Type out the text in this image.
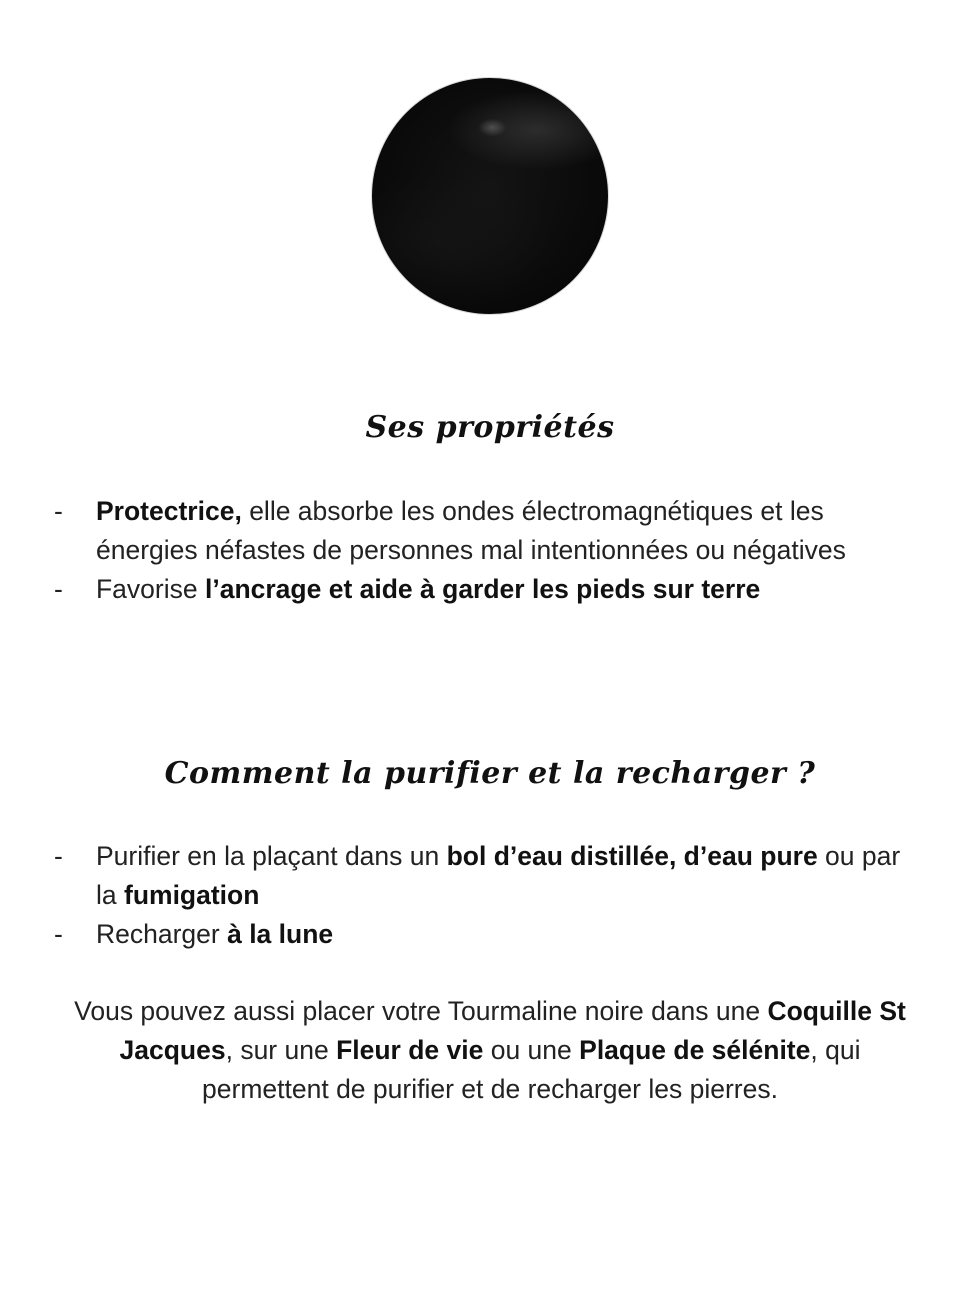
Ses propriétés
- Protectrice, elle absorbe les ondes électromagnétiques et les énergies néfastes de personnes mal intentionnées ou négatives
- Favorise l’ancrage et aide à garder les pieds sur terre
Comment la purifier et la recharger ?
- Purifier en la plaçant dans un bol d’eau distillée, d’eau pure ou par la fumigation
- Recharger à la lune

Vous pouvez aussi placer votre Tourmaline noire dans une Coquille St Jacques, sur une Fleur de vie ou une Plaque de sélénite, qui permettent de purifier et de recharger les pierres.
